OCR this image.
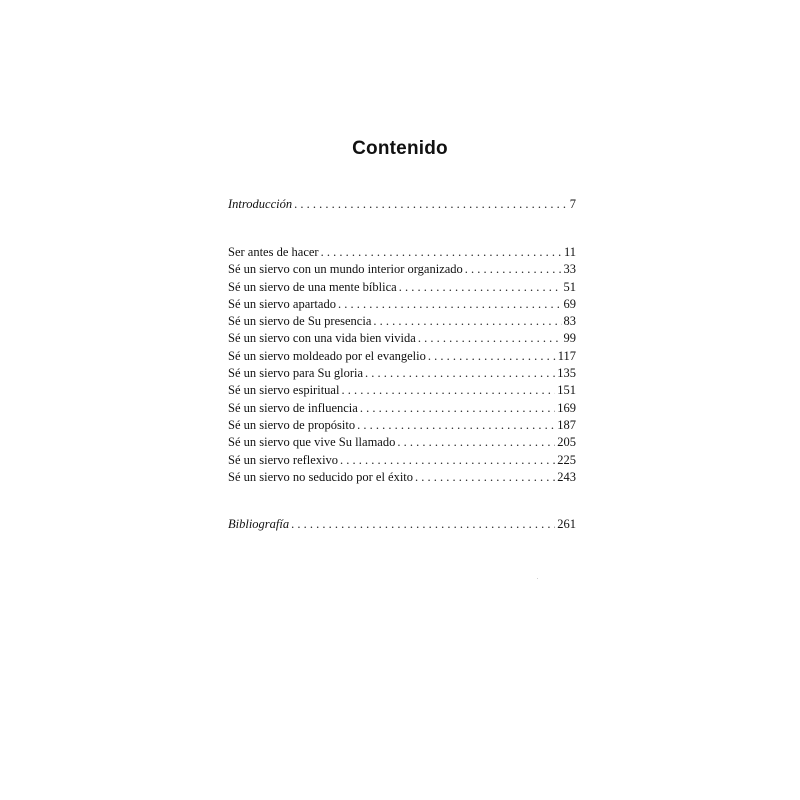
Contenido
Introducción . . .	7
Ser antes de hacer . . .	11
Sé un siervo con un mundo interior organizado . . .	33
Sé un siervo de una mente bíblica . . .	51
Sé un siervo apartado . . .	69
Sé un siervo de Su presencia . . .	83
Sé un siervo con una vida bien vivida . . .	99
Sé un siervo moldeado por el evangelio . . .	117
Sé un siervo para Su gloria . . .	135
Sé un siervo espiritual . . .	151
Sé un siervo de influencia . . .	169
Sé un siervo de propósito . . .	187
Sé un siervo que vive Su llamado . . .	205
Sé un siervo reflexivo . . .	225
Sé un siervo no seducido por el éxito . . .	243
Bibliografía . . .	261
